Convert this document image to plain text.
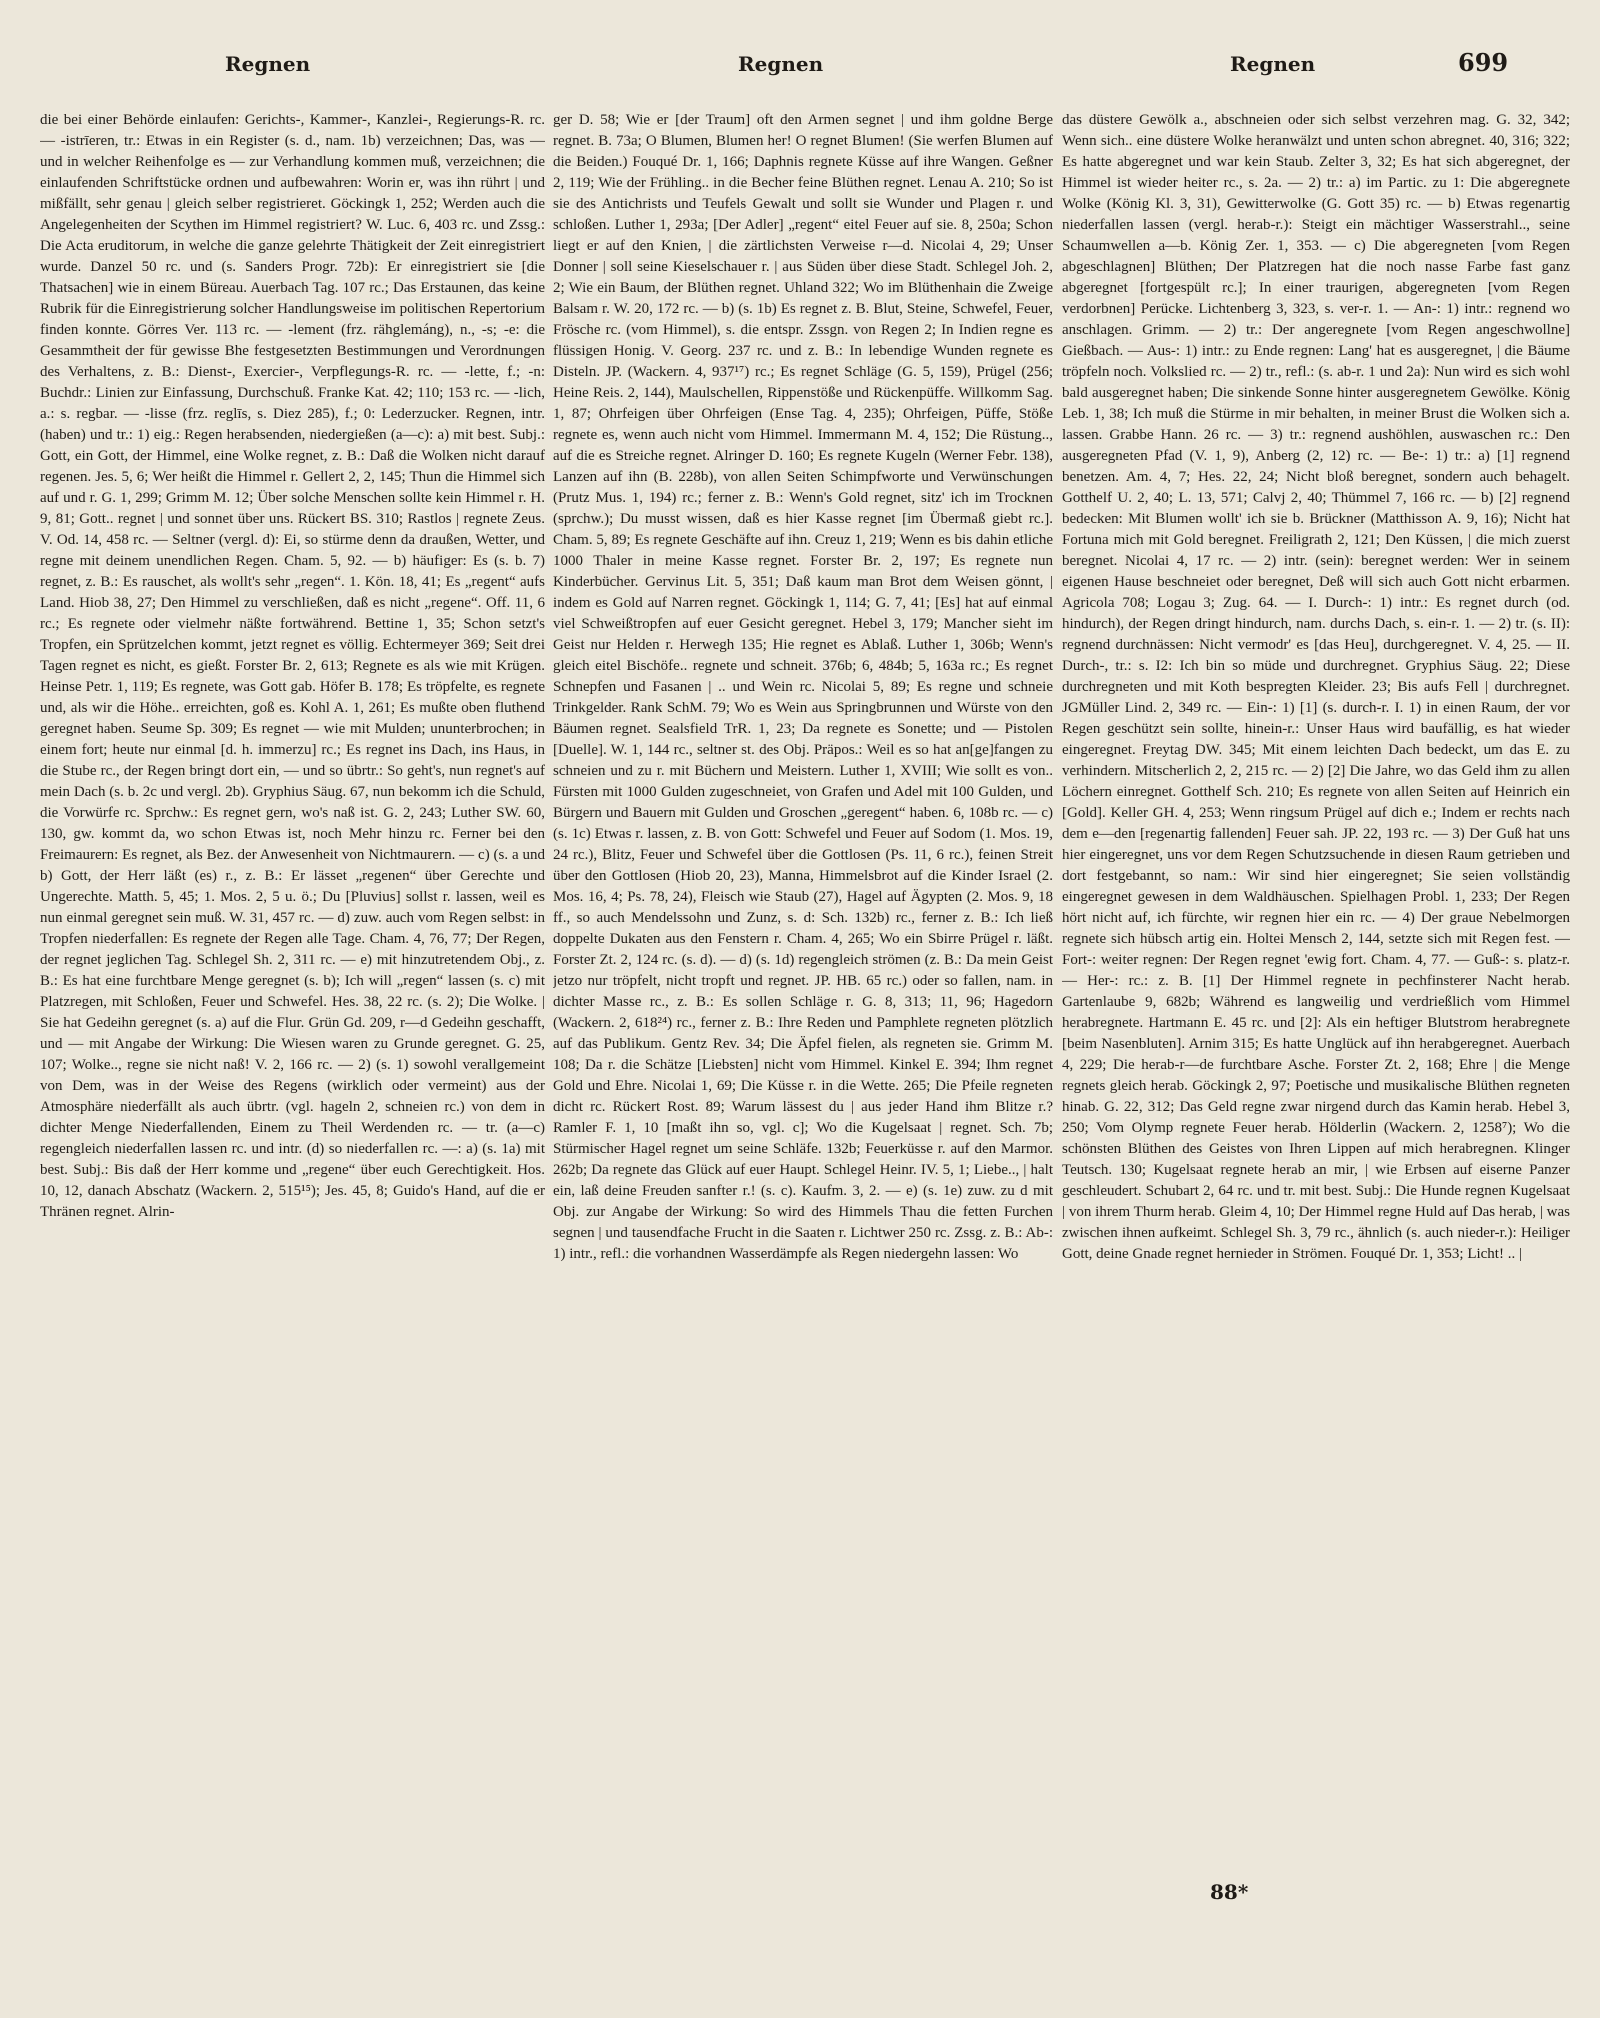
Regnen	Regnen	Regnen	699

die bei einer Behörde einlaufen: Gerichts-, Kammer-, Kanzlei-, Regierungs-R. rc. — -istrīeren, tr.: Etwas in ein Register (s. d., nam. 1b) verzeichnen; Das, was — und in welcher Reihenfolge es — zur Verhandlung kommen muß, verzeichnen; die einlaufenden Schriftstücke ordnen und aufbewahren: Worin er, was ihn rührt | und mißfällt, sehr genau | gleich selber registrieret. Göckingk 1, 252; Werden auch die Angelegenheiten der Scythen im Himmel registriert? W. Luc. 6, 403 rc. und Zssg.: Die Acta eruditorum, in welche die ganze gelehrte Thätigkeit der Zeit einregistriert wurde. Danzel 50 rc. und (s. Sanders Progr. 72b): Er einregistriert sie [die Thatsachen] wie in einem Büreau. Auerbach Tag. 107 rc.; Das Erstaunen, das keine Rubrik für die Einregistrierung solcher Handlungsweise im politischen Repertorium finden konnte. Görres Ver. 113 rc. — -lement (frz. rähglemáng), n., -s; -e: die Gesammtheit der für gewisse Bhe festgesetzten Bestimmungen und Verordnungen des Verhaltens, z. B.: Dienst-, Exercier-, Verpflegungs-R. rc. — -lette, f.; -n: Buchdr.: Linien zur Einfassung, Durchschuß. Franke Kat. 42; 110; 153 rc. — -lich, a.: s. regbar. — -lisse (frz. reglīs, s. Diez 285), f.; 0: Lederzucker. Regnen, intr. (haben) und tr.: 1) eig.: Regen herabsenden, niedergießen (a—c): a) mit best. Subj.: Gott, ein Gott, der Himmel, eine Wolke regnet, z. B.: Daß die Wolken nicht darauf regenen. Jes. 5, 6; Wer heißt die Himmel r. Gellert 2, 2, 145; Thun die Himmel sich auf und r. G. 1, 299; Grimm M. 12; Über solche Menschen sollte kein Himmel r. H. 9, 81; Gott.. regnet | und sonnet über uns. Rückert BS. 310; Rastlos | regnete Zeus. V. Od. 14, 458 rc. — Seltner (vergl. d): Ei, so stürme denn da draußen, Wetter, und regne mit deinem unendlichen Regen. Cham. 5, 92. — b) häufiger: Es (s. b. 7) regnet, z. B.: Es rauschet, als wollt's sehr „regen“. 1. Kön. 18, 41; Es „regent“ aufs Land. Hiob 38, 27; Den Himmel zu verschließen, daß es nicht „regene“. Off. 11, 6 rc.; Es regnete oder vielmehr näßte fortwährend. Bettine 1, 35; Schon setzt's Tropfen, ein Sprützelchen kommt, jetzt regnet es völlig. Echtermeyer 369; Seit drei Tagen regnet es nicht, es gießt. Forster Br. 2, 613; Regnete es als wie mit Krügen. Heinse Petr. 1, 119; Es regnete, was Gott gab. Höfer B. 178; Es tröpfelte, es regnete und, als wir die Höhe.. erreichten, goß es. Kohl A. 1, 261; Es mußte oben fluthend geregnet haben. Seume Sp. 309; Es regnet — wie mit Mulden; ununterbrochen; in einem fort; heute nur einmal [d. h. immerzu] rc.; Es regnet ins Dach, ins Haus, in die Stube rc., der Regen bringt dort ein, — und so übrtr.: So geht's, nun regnet's auf mein Dach (s. b. 2c und vergl. 2b). Gryphius Säug. 67, nun bekomm ich die Schuld, die Vorwürfe rc. Sprchw.: Es regnet gern, wo's naß ist. G. 2, 243; Luther SW. 60, 130, gw. kommt da, wo schon Etwas ist, noch Mehr hinzu rc. Ferner bei den Freimaurern: Es regnet, als Bez. der Anwesenheit von Nichtmaurern. — c) (s. a und b) Gott, der Herr läßt (es) r., z. B.: Er lässet „regenen“ über Gerechte und Ungerechte. Matth. 5, 45; 1. Mos. 2, 5 u. ö.; Du [Pluvius] sollst r. lassen, weil es nun einmal geregnet sein muß. W. 31, 457 rc. — d) zuw. auch vom Regen selbst: in Tropfen niederfallen: Es regnete der Regen alle Tage. Cham. 4, 76, 77; Der Regen, der regnet jeglichen Tag. Schlegel Sh. 2, 311 rc. — e) mit hinzutretendem Obj., z. B.: Es hat eine furchtbare Menge geregnet (s. b); Ich will „regen“ lassen (s. c) mit Platzregen, mit Schloßen, Feuer und Schwefel. Hes. 38, 22 rc. (s. 2); Die Wolke. | Sie hat Gedeihn geregnet (s. a) auf die Flur. Grün Gd. 209, r—d Gedeihn geschafft, und — mit Angabe der Wirkung: Die Wiesen waren zu Grunde geregnet. G. 25, 107; Wolke.., regne sie nicht naß! V. 2, 166 rc. — 2) (s. 1) sowohl verallgemeint von Dem, was in der Weise des Regens (wirklich oder vermeint) aus der Atmosphäre niederfällt als auch übrtr. (vgl. hageln 2, schneien rc.) von dem in dichter Menge Niederfallenden, Einem zu Theil Werdenden rc. — tr. (a—c) regengleich niederfallen lassen rc. und intr. (d) so niederfallen rc. —: a) (s. 1a) mit best. Subj.: Bis daß der Herr komme und „regene“ über euch Gerechtigkeit. Hos. 10, 12, danach Abschatz (Wackern. 2, 515¹⁵); Jes. 45, 8; Guido's Hand, auf die er Thränen regnet. Alrin-

ger D. 58; Wie er [der Traum] oft den Armen segnet | und ihm goldne Berge regnet. B. 73a; O Blumen, Blumen her! O regnet Blumen! (Sie werfen Blumen auf die Beiden.) Fouqué Dr. 1, 166; Daphnis regnete Küsse auf ihre Wangen. Geßner 2, 119; Wie der Frühling.. in die Becher feine Blüthen regnet. Lenau A. 210; So ist sie des Antichrists und Teufels Gewalt und sollt sie Wunder und Plagen r. und schloßen. Luther 1, 293a; [Der Adler] „regent“ eitel Feuer auf sie. 8, 250a; Schon liegt er auf den Knien, | die zärtlichsten Verweise r—d. Nicolai 4, 29; Unser Donner | soll seine Kieselschauer r. | aus Süden über diese Stadt. Schlegel Joh. 2, 2; Wie ein Baum, der Blüthen regnet. Uhland 322; Wo im Blüthenhain die Zweige Balsam r. W. 20, 172 rc. — b) (s. 1b) Es regnet z. B. Blut, Steine, Schwefel, Feuer, Frösche rc. (vom Himmel), s. die entspr. Zssgn. von Regen 2; In Indien regne es flüssigen Honig. V. Georg. 237 rc. und z. B.: In lebendige Wunden regnete es Disteln. JP. (Wackern. 4, 937¹⁷) rc.; Es regnet Schläge (G. 5, 159), Prügel (256; Heine Reis. 2, 144), Maulschellen, Rippenstöße und Rückenpüffe. Willkomm Sag. 1, 87; Ohrfeigen über Ohrfeigen (Ense Tag. 4, 235); Ohrfeigen, Püffe, Stöße regnete es, wenn auch nicht vom Himmel. Immermann M. 4, 152; Die Rüstung.., auf die es Streiche regnet. Alringer D. 160; Es regnete Kugeln (Werner Febr. 138), Lanzen auf ihn (B. 228b), von allen Seiten Schimpfworte und Verwünschungen (Prutz Mus. 1, 194) rc.; ferner z. B.: Wenn's Gold regnet, sitz' ich im Trocknen (sprchw.); Du musst wissen, daß es hier Kasse regnet [im Übermaß giebt rc.]. Cham. 5, 89; Es regnete Geschäfte auf ihn. Creuz 1, 219; Wenn es bis dahin etliche 1000 Thaler in meine Kasse regnet. Forster Br. 2, 197; Es regnete nun Kinderbücher. Gervinus Lit. 5, 351; Daß kaum man Brot dem Weisen gönnt, | indem es Gold auf Narren regnet. Göckingk 1, 114; G. 7, 41; [Es] hat auf einmal viel Schweißtropfen auf euer Gesicht geregnet. Hebel 3, 179; Mancher sieht im Geist nur Helden r. Herwegh 135; Hie regnet es Ablaß. Luther 1, 306b; Wenn's gleich eitel Bischöfe.. regnete und schneit. 376b; 6, 484b; 5, 163a rc.; Es regnet Schnepfen und Fasanen | .. und Wein rc. Nicolai 5, 89; Es regne und schneie Trinkgelder. Rank SchM. 79; Wo es Wein aus Springbrunnen und Würste von den Bäumen regnet. Sealsfield TrR. 1, 23; Da regnete es Sonette; und — Pistolen [Duelle]. W. 1, 144 rc., seltner st. des Obj. Präpos.: Weil es so hat an[ge]fangen zu schneien und zu r. mit Büchern und Meistern. Luther 1, XVIII; Wie sollt es von.. Fürsten mit 1000 Gulden zugeschneiet, von Grafen und Adel mit 100 Gulden, und Bürgern und Bauern mit Gulden und Groschen „geregent“ haben. 6, 108b rc. — c) (s. 1c) Etwas r. lassen, z. B. von Gott: Schwefel und Feuer auf Sodom (1. Mos. 19, 24 rc.), Blitz, Feuer und Schwefel über die Gottlosen (Ps. 11, 6 rc.), feinen Streit über den Gottlosen (Hiob 20, 23), Manna, Himmelsbrot auf die Kinder Israel (2. Mos. 16, 4; Ps. 78, 24), Fleisch wie Staub (27), Hagel auf Ägypten (2. Mos. 9, 18 ff., so auch Mendelssohn und Zunz, s. d: Sch. 132b) rc., ferner z. B.: Ich ließ doppelte Dukaten aus den Fenstern r. Cham. 4, 265; Wo ein Sbirre Prügel r. läßt. Forster Zt. 2, 124 rc. (s. d). — d) (s. 1d) regengleich strömen (z. B.: Da mein Geist jetzo nur tröpfelt, nicht tropft und regnet. JP. HB. 65 rc.) oder so fallen, nam. in dichter Masse rc., z. B.: Es sollen Schläge r. G. 8, 313; 11, 96; Hagedorn (Wackern. 2, 618²⁴) rc., ferner z. B.: Ihre Reden und Pamphlete regneten plötzlich auf das Publikum. Gentz Rev. 34; Die Äpfel fielen, als regneten sie. Grimm M. 108; Da r. die Schätze [Liebsten] nicht vom Himmel. Kinkel E. 394; Ihm regnet Gold und Ehre. Nicolai 1, 69; Die Küsse r. in die Wette. 265; Die Pfeile regneten dicht rc. Rückert Rost. 89; Warum lässest du | aus jeder Hand ihm Blitze r.? Ramler F. 1, 10 [maßt ihn so, vgl. c]; Wo die Kugelsaat | regnet. Sch. 7b; Stürmischer Hagel regnet um seine Schläfe. 132b; Feuerküsse r. auf den Marmor. 262b; Da regnete das Glück auf euer Haupt. Schlegel Heinr. IV. 5, 1; Liebe.., | halt ein, laß deine Freuden sanfter r.! (s. c). Kaufm. 3, 2. — e) (s. 1e) zuw. zu d mit Obj. zur Angabe der Wirkung: So wird des Himmels Thau die fetten Furchen segnen | und tausendfache Frucht in die Saaten r. Lichtwer 250 rc. Zssg. z. B.: Ab-: 1) intr., refl.: die vorhandnen Wasserdämpfe als Regen niedergehn lassen: Wo

das düstere Gewölk a., abschneien oder sich selbst verzehren mag. G. 32, 342; Wenn sich.. eine düstere Wolke heranwälzt und unten schon abregnet. 40, 316; 322; Es hatte abgeregnet und war kein Staub. Zelter 3, 32; Es hat sich abgeregnet, der Himmel ist wieder heiter rc., s. 2a. — 2) tr.: a) im Partic. zu 1: Die abgeregnete Wolke (König Kl. 3, 31), Gewitterwolke (G. Gott 35) rc. — b) Etwas regenartig niederfallen lassen (vergl. herab-r.): Steigt ein mächtiger Wasserstrahl.., seine Schaumwellen a—b. König Zer. 1, 353. — c) Die abgeregneten [vom Regen abgeschlagnen] Blüthen; Der Platzregen hat die noch nasse Farbe fast ganz abgeregnet [fortgespült rc.]; In einer traurigen, abgeregneten [vom Regen verdorbnen] Perücke. Lichtenberg 3, 323, s. ver-r. 1. — An-: 1) intr.: regnend wo anschlagen. Grimm. — 2) tr.: Der angeregnete [vom Regen angeschwollne] Gießbach. — Aus-: 1) intr.: zu Ende regnen: Lang' hat es ausgeregnet, | die Bäume tröpfeln noch. Volkslied rc. — 2) tr., refl.: (s. ab-r. 1 und 2a): Nun wird es sich wohl bald ausgeregnet haben; Die sinkende Sonne hinter ausgeregnetem Gewölke. König Leb. 1, 38; Ich muß die Stürme in mir behalten, in meiner Brust die Wolken sich a. lassen. Grabbe Hann. 26 rc. — 3) tr.: regnend aushöhlen, auswaschen rc.: Den ausgeregneten Pfad (V. 1, 9), Anberg (2, 12) rc. — Be-: 1) tr.: a) [1] regnend benetzen. Am. 4, 7; Hes. 22, 24; Nicht bloß beregnet, sondern auch behagelt. Gotthelf U. 2, 40; L. 13, 571; Calvj 2, 40; Thümmel 7, 166 rc. — b) [2] regnend bedecken: Mit Blumen wollt' ich sie b. Brückner (Matthisson A. 9, 16); Nicht hat Fortuna mich mit Gold beregnet. Freiligrath 2, 121; Den Küssen, | die mich zuerst beregnet. Nicolai 4, 17 rc. — 2) intr. (sein): beregnet werden: Wer in seinem eigenen Hause beschneiet oder beregnet, Deß will sich auch Gott nicht erbarmen. Agricola 708; Logau 3; Zug. 64. — I. Durch-: 1) intr.: Es regnet durch (od. hindurch), der Regen dringt hindurch, nam. durchs Dach, s. ein-r. 1. — 2) tr. (s. II): regnend durchnässen: Nicht vermodr' es [das Heu], durchgeregnet. V. 4, 25. — II. Durch-, tr.: s. I2: Ich bin so müde und durchregnet. Gryphius Säug. 22; Diese durchregneten und mit Koth bespregten Kleider. 23; Bis aufs Fell | durchregnet. JGMüller Lind. 2, 349 rc. — Ein-: 1) [1] (s. durch-r. I. 1) in einen Raum, der vor Regen geschützt sein sollte, hinein-r.: Unser Haus wird baufällig, es hat wieder eingeregnet. Freytag DW. 345; Mit einem leichten Dach bedeckt, um das E. zu verhindern. Mitscherlich 2, 2, 215 rc. — 2) [2] Die Jahre, wo das Geld ihm zu allen Löchern einregnet. Gotthelf Sch. 210; Es regnete von allen Seiten auf Heinrich ein [Gold]. Keller GH. 4, 253; Wenn ringsum Prügel auf dich e.; Indem er rechts nach dem e—den [regenartig fallenden] Feuer sah. JP. 22, 193 rc. — 3) Der Guß hat uns hier eingeregnet, uns vor dem Regen Schutzsuchende in diesen Raum getrieben und dort festgebannt, so nam.: Wir sind hier eingeregnet; Sie seien vollständig eingeregnet gewesen in dem Waldhäuschen. Spielhagen Probl. 1, 233; Der Regen hört nicht auf, ich fürchte, wir regnen hier ein rc. — 4) Der graue Nebelmorgen regnete sich hübsch artig ein. Holtei Mensch 2, 144, setzte sich mit Regen fest. — Fort-: weiter regnen: Der Regen regnet 'ewig fort. Cham. 4, 77. — Guß-: s. platz-r. — Her-: rc.: z. B. [1] Der Himmel regnete in pechfinsterer Nacht herab. Gartenlaube 9, 682b; Während es langweilig und verdrießlich vom Himmel herabregnete. Hartmann E. 45 rc. und [2]: Als ein heftiger Blutstrom herabregnete [beim Nasenbluten]. Arnim 315; Es hatte Unglück auf ihn herabgeregnet. Auerbach 4, 229; Die herab-r—de furchtbare Asche. Forster Zt. 2, 168; Ehre | die Menge regnets gleich herab. Göckingk 2, 97; Poetische und musikalische Blüthen regneten hinab. G. 22, 312; Das Geld regne zwar nirgend durch das Kamin herab. Hebel 3, 250; Vom Olymp regnete Feuer herab. Hölderlin (Wackern. 2, 1258⁷); Wo die schönsten Blüthen des Geistes von Ihren Lippen auf mich herabregnen. Klinger Teutsch. 130; Kugelsaat regnete herab an mir, | wie Erbsen auf eiserne Panzer geschleudert. Schubart 2, 64 rc. und tr. mit best. Subj.: Die Hunde regnen Kugelsaat | von ihrem Thurm herab. Gleim 4, 10; Der Himmel regne Huld auf Das herab, | was zwischen ihnen aufkeimt. Schlegel Sh. 3, 79 rc., ähnlich (s. auch nieder-r.): Heiliger Gott, deine Gnade regnet hernieder in Strömen. Fouqué Dr. 1, 353; Licht! .. |

88*
